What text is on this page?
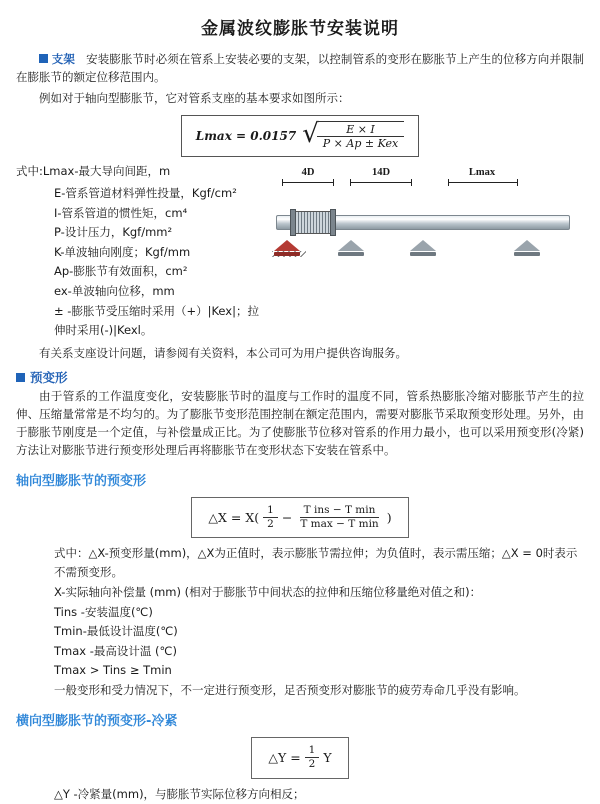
金属波纹膨胀节安装说明

支架 安装膨胀节时必须在管系上安装必要的支架，以控制管系的变形在膨胀节上产生的位移方向并限制在膨胀节的额定位移范围内。

例如对于轴向型膨胀节，它对管系支座的基本要求如图所示：

Lmax = 0.0157 √
$\frac{E \times I}{\text{P × Ap ± Kex}}$

式中:Lmax-最大导向间距，m

E-管系管道材料弹性投量，Kgf/cm²
I-管系管道的惯性矩，cm⁴
P-设计压力，Kgf/mm²
K-单波轴向刚度；Kgf/mm
Ap-膨胀节有效面积，cm²
ex-单波轴向位移，mm
± -膨胀节受压缩时采用（+）|Kex|；拉伸时采用(-)|Kexl。
4D	14D	Lmax

有关系支座设计问题，请参阅有关资料，本公司可为用户提供咨询服务。

预变形

由于管系的工作温度变化，安装膨胀节时的温度与工作时的温度不同，管系热膨胀冷缩对膨胀节产生的拉伸、压缩量常常是不均匀的。为了膨胀节变形范围控制在额定范围内，需要对膨胀节采取预变形处理。另外，由于膨胀节刚度是一个定值，与补偿量成正比。为了使膨胀节位移对管系的作用力最小，也可以采用预变形(冷紧)方法让对膨胀节进行预变形处理后再将膨胀节在变形状态下安装在管系中。

轴向型膨胀节的预变形
△X = $X( \frac{1}{2}$ −
T ins − T min
T max − T min )
式中：△X-预变形量(mm)，△X为正值时，表示膨胀节需拉伸；为负值时，表示需压缩；△X = 0时表示不需预变形。
X-实际轴向补偿量 (mm) (相对于膨胀节中间状态的拉伸和压缩位移量绝对值之和)：
Tins -安装温度(℃)
Tmin-最低设计温度(℃)
Tmax -最高设计温 (℃)
Tmax > Tins ≥ Tmin
一般变形和受力情况下，不一定进行预变形，足否预变形对膨胀节的疲劳寿命几乎没有影响。
横向型膨胀节的预变形-冷紧
△Y = $\frac{1}{2}$ Y
△Y -冷紧量(mm)，与膨胀节实际位移方向相反；
